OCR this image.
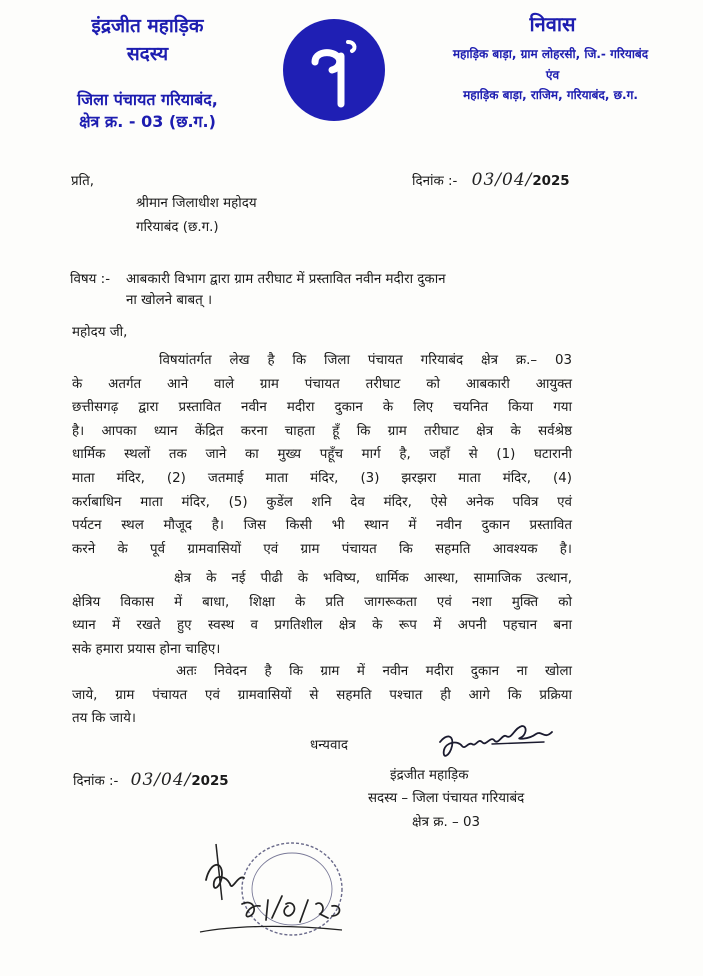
इंद्रजीत महाड़िक
सदस्य
जिला पंचायत गरियाबंद,
क्षेत्र क्र. - 03 (छ.ग.)
निवास
महाड़िक बाड़ा, ग्राम लोहरसी, जि.- गरियाबंद
एंव
महाड़िक बाड़ा, राजिम, गरियाबंद, छ.ग.
दिनांक :- 03/04/2025
प्रति,
श्रीमान जिलाधीश महोदय
गरियाबंद (छ.ग.)
विषय :- आबकारी विभाग द्वारा ग्राम तरीघाट में प्रस्तावित नवीन मदीरा दुकान
ना खोलने बाबत् ।
महोदय जी,
विषयांतर्गत लेख है कि जिला पंचायत गरियाबंद क्षेत्र क्र.– 03
के अतर्गत आने वाले ग्राम पंचायत तरीघाट को आबकारी आयुक्त
छत्तीसगढ़ द्वारा प्रस्तावित नवीन मदीरा दुकान के लिए चयनित किया गया
है। आपका ध्यान केंद्रित करना चाहता हूँ कि ग्राम तरीघाट क्षेत्र के सर्वश्रेष्ठ
धार्मिक स्थलों तक जाने का मुख्य पहूँच मार्ग है, जहाँ से (1) घटारानी
माता मंदिर, (2) जतमाई माता मंदिर, (3) झरझरा माता मंदिर, (4)
कर्राबाधिन माता मंदिर, (5) कुडेंल शनि देव मंदिर, ऐसे अनेक पवित्र एवं
पर्यटन स्थल मौजूद है। जिस किसी भी स्थान में नवीन दुकान प्रस्तावित
करने के पूर्व ग्रामवासियों एवं ग्राम पंचायत कि सहमति आवश्यक है।
क्षेत्र के नई पीढी के भविष्य, धार्मिक आस्था, सामाजिक उत्थान,
क्षेत्रिय विकास में बाधा, शिक्षा के प्रति जागरूकता एवं नशा मुक्ति को
ध्यान में रखते हुए स्वस्थ व प्रगतिशील क्षेत्र के रूप में अपनी पहचान बना
सके हमारा प्रयास होना चाहिए।
अतः निवेदन है कि ग्राम में नवीन मदीरा दुकान ना खोला
जाये, ग्राम पंचायत एवं ग्रामवासियों से सहमति पश्चात ही आगे कि प्रक्रिया
तय कि जाये।
धन्यवाद
दिनांक :- 03/04/2025	इंद्रजीत महाड़िक
सदस्य – जिला पंचायत गरियाबंद
क्षेत्र क्र. – 03
